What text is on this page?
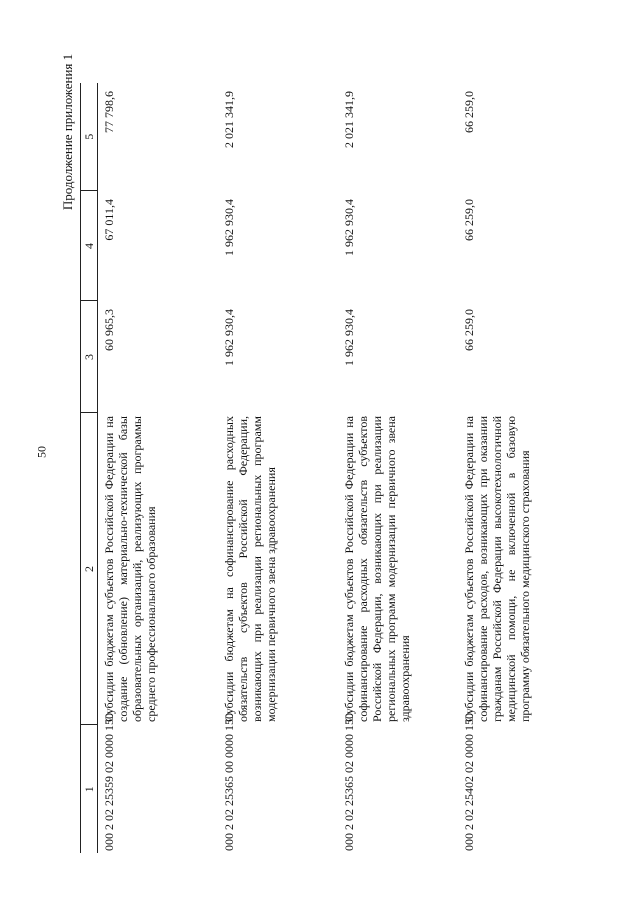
50
Продолжение приложения 1
1	2	3	4	5
000 2 02 25359 02 0000 150	Субсидии бюджетам субъектов Российской Федерации на создание (обновление) материально-технической базы образовательных организаций, реализующих программы среднего профессионального образования	60 965,3	67 011,4	77 798,6
000 2 02 25365 00 0000 150	Субсидии бюджетам на софинансирование расходных обязательств субъектов Российской Федерации, возникающих при реализации региональных программ модернизации первичного звена здравоохранения	1 962 930,4	1 962 930,4	2 021 341,9
000 2 02 25365 02 0000 150	Субсидии бюджетам субъектов Российской Федерации на софинансирование расходных обязательств субъектов Российской Федерации, возникающих при реализации региональных программ модернизации первичного звена здравоохранения	1 962 930,4	1 962 930,4	2 021 341,9
000 2 02 25402 02 0000 150	Субсидии бюджетам субъектов Российской Федерации на софинансирование расходов, возникающих при оказании гражданам Российской Федерации высокотехнологичной медицинской помощи, не включенной в базовую программу обязательного медицинского страхования	66 259,0	66 259,0	66 259,0
